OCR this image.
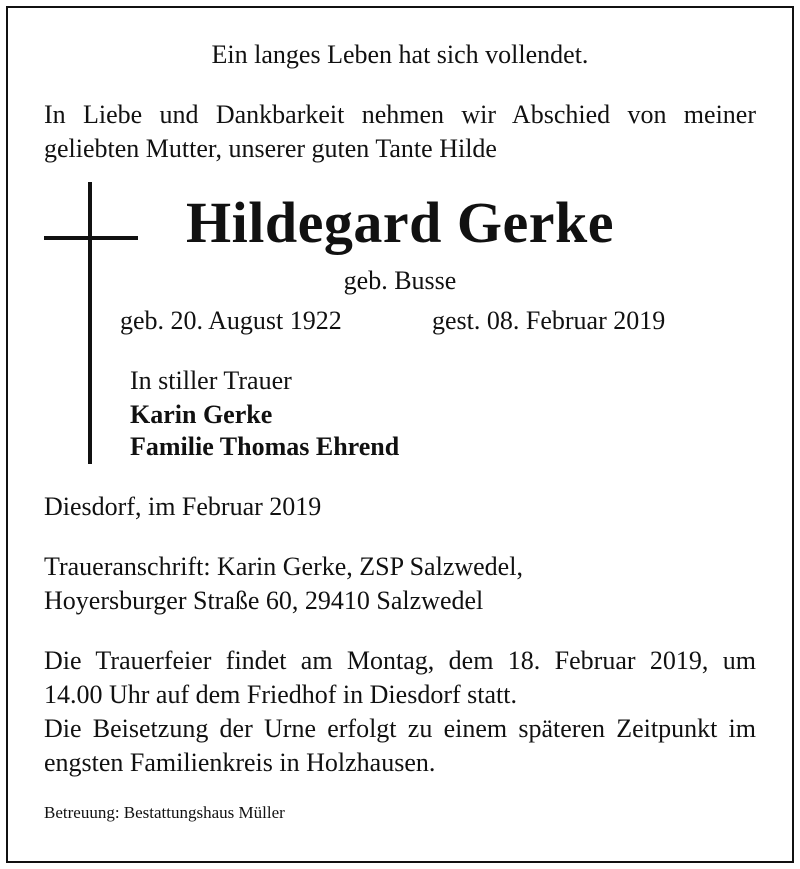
Ein langes Leben hat sich vollendet.
In Liebe und Dankbarkeit nehmen wir Abschied von meiner
geliebten Mutter, unserer guten Tante Hilde
Hildegard Gerke
geb. Busse
geb. 20. August 1922	gest. 08. Februar 2019
In stiller Trauer
Karin Gerke
Familie Thomas Ehrend
Diesdorf, im Februar 2019
Traueranschrift: Karin Gerke, ZSP Salzwedel,
Hoyersburger Straße 60, 29410 Salzwedel
Die Trauerfeier findet am Montag, dem 18. Februar 2019, um
14.00 Uhr auf dem Friedhof in Diesdorf statt.
Die Beisetzung der Urne erfolgt zu einem späteren Zeitpunkt im
engsten Familienkreis in Holzhausen.
Betreuung: Bestattungshaus Müller
